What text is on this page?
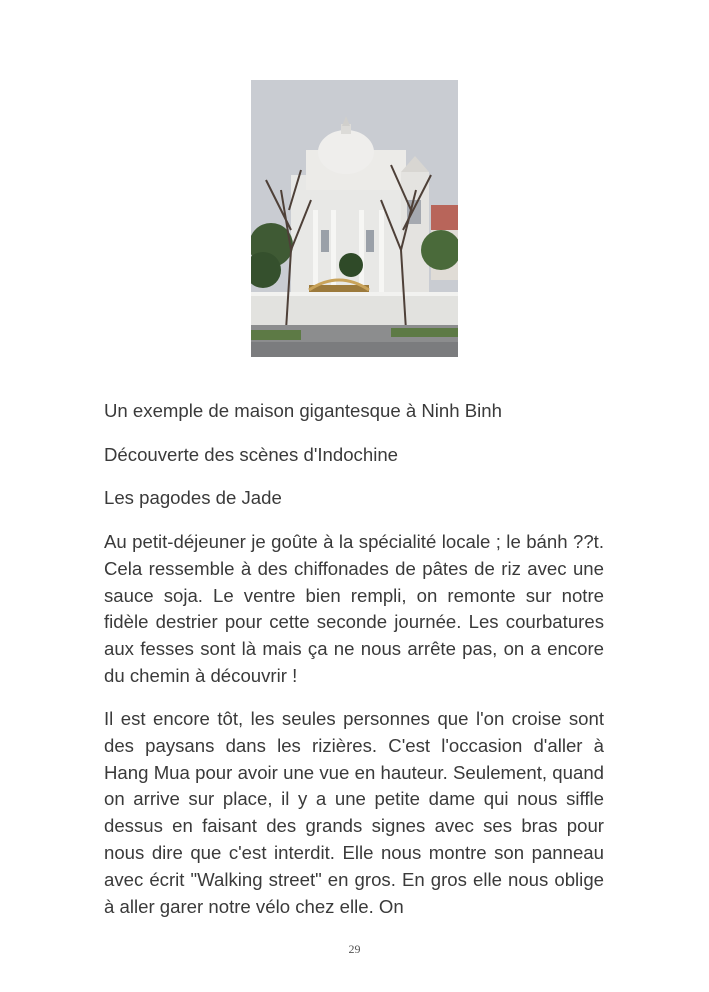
Un exemple de maison gigantesque à Ninh Binh
Découverte des scènes d'Indochine
Les pagodes de Jade
Au petit-déjeuner je goûte à la spécialité locale ; le bánh ??t. Cela ressemble à des chiffonades de pâtes de riz avec une sauce soja. Le ventre bien rempli, on remonte sur notre fidèle destrier pour cette seconde journée. Les courbatures aux fesses sont là mais ça ne nous arrête pas, on a encore du chemin à découvrir !
Il est encore tôt, les seules personnes que l'on croise sont des paysans dans les rizières. C'est l'occasion d'aller à Hang Mua pour avoir une vue en hauteur. Seulement, quand on arrive sur place, il y a une petite dame qui nous siffle dessus en faisant des grands signes avec ses bras pour nous dire que c'est interdit. Elle nous montre son panneau avec écrit "Walking street" en gros. En gros elle nous oblige à aller garer notre vélo chez elle. On
29
